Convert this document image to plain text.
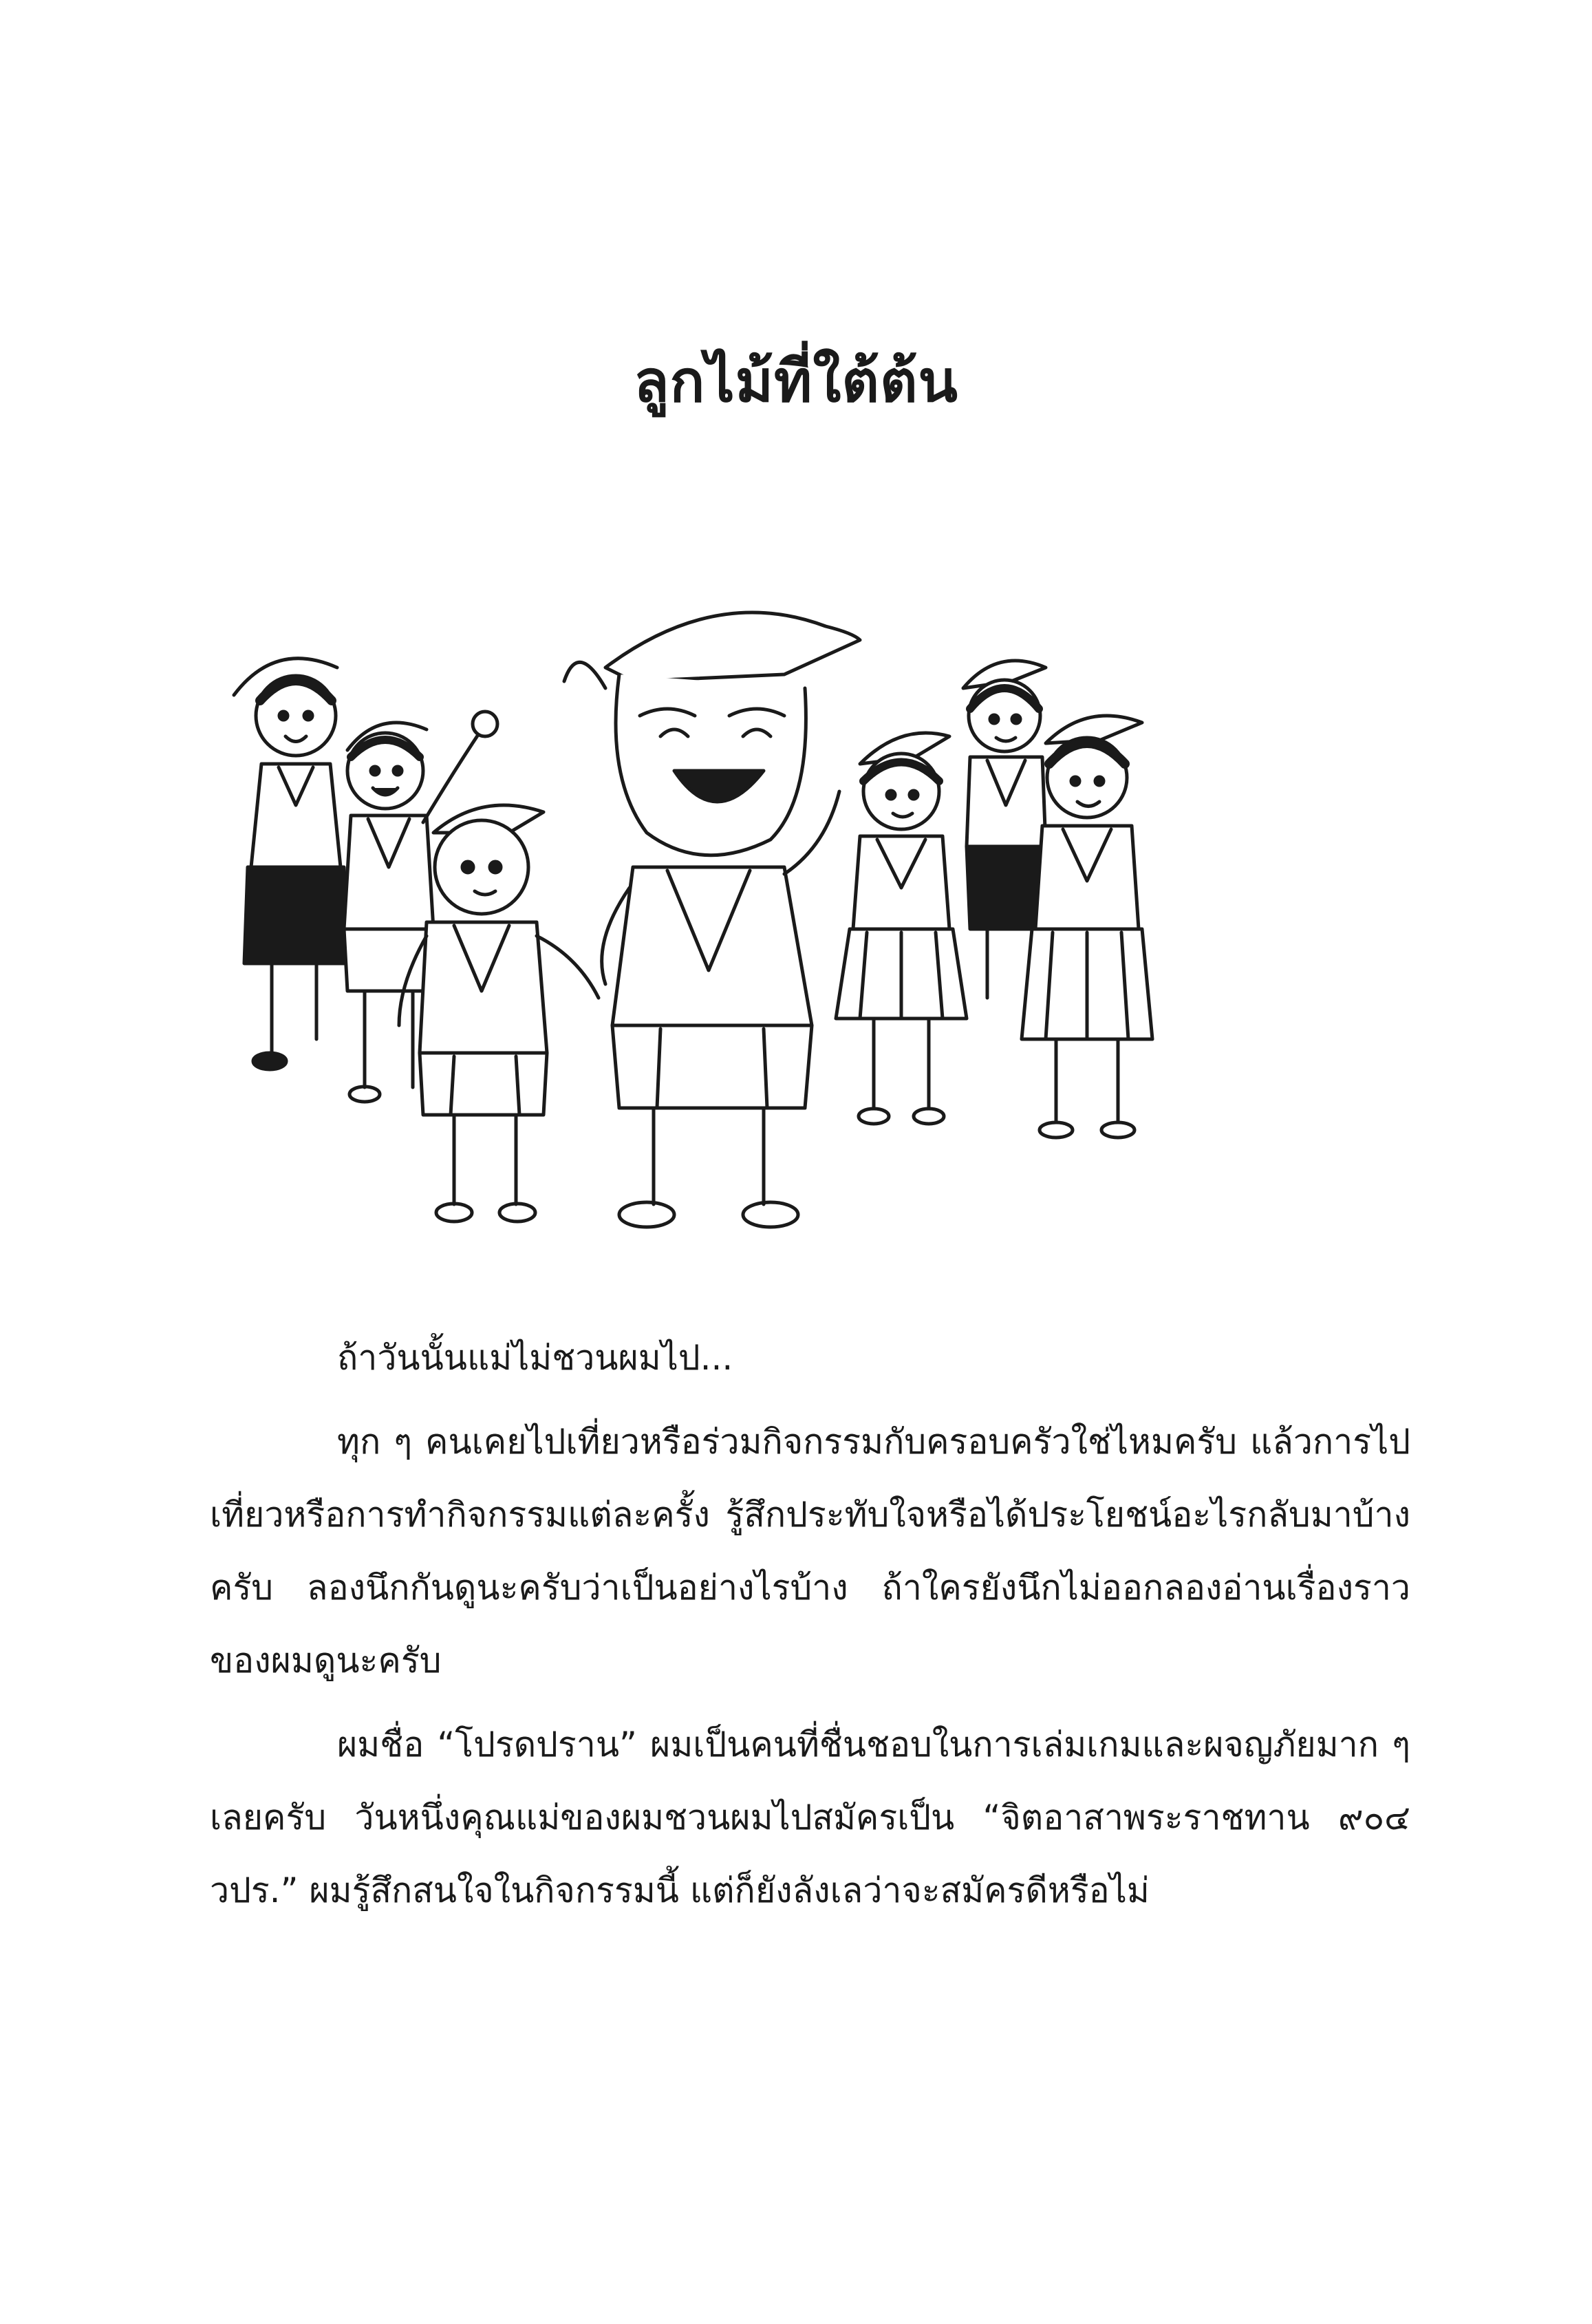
ลูกไม้ที่ใต้ต้น

ถ้าวันนั้นแม่ไม่ชวนผมไป...

ทุก ๆ คนเคยไปเที่ยวหรือร่วมกิจกรรมกับครอบครัวใช่ไหมครับ แล้วการไปเที่ยวหรือการทำกิจกรรมแต่ละครั้ง รู้สึกประทับใจหรือได้ประโยชน์อะไรกลับมาบ้างครับ ลองนึกกันดูนะครับว่าเป็นอย่างไรบ้าง ถ้าใครยังนึกไม่ออกลองอ่านเรื่องราวของผมดูนะครับ

ผมชื่อ “โปรดปราน” ผมเป็นคนที่ชื่นชอบในการเล่มเกมและผจญภัยมาก ๆ เลยครับ วันหนึ่งคุณแม่ของผมชวนผมไปสมัครเป็น “จิตอาสาพระราชทาน ๙๐๔ วปร.” ผมรู้สึกสนใจในกิจกรรมนี้ แต่ก็ยังลังเลว่าจะสมัครดีหรือไม่
